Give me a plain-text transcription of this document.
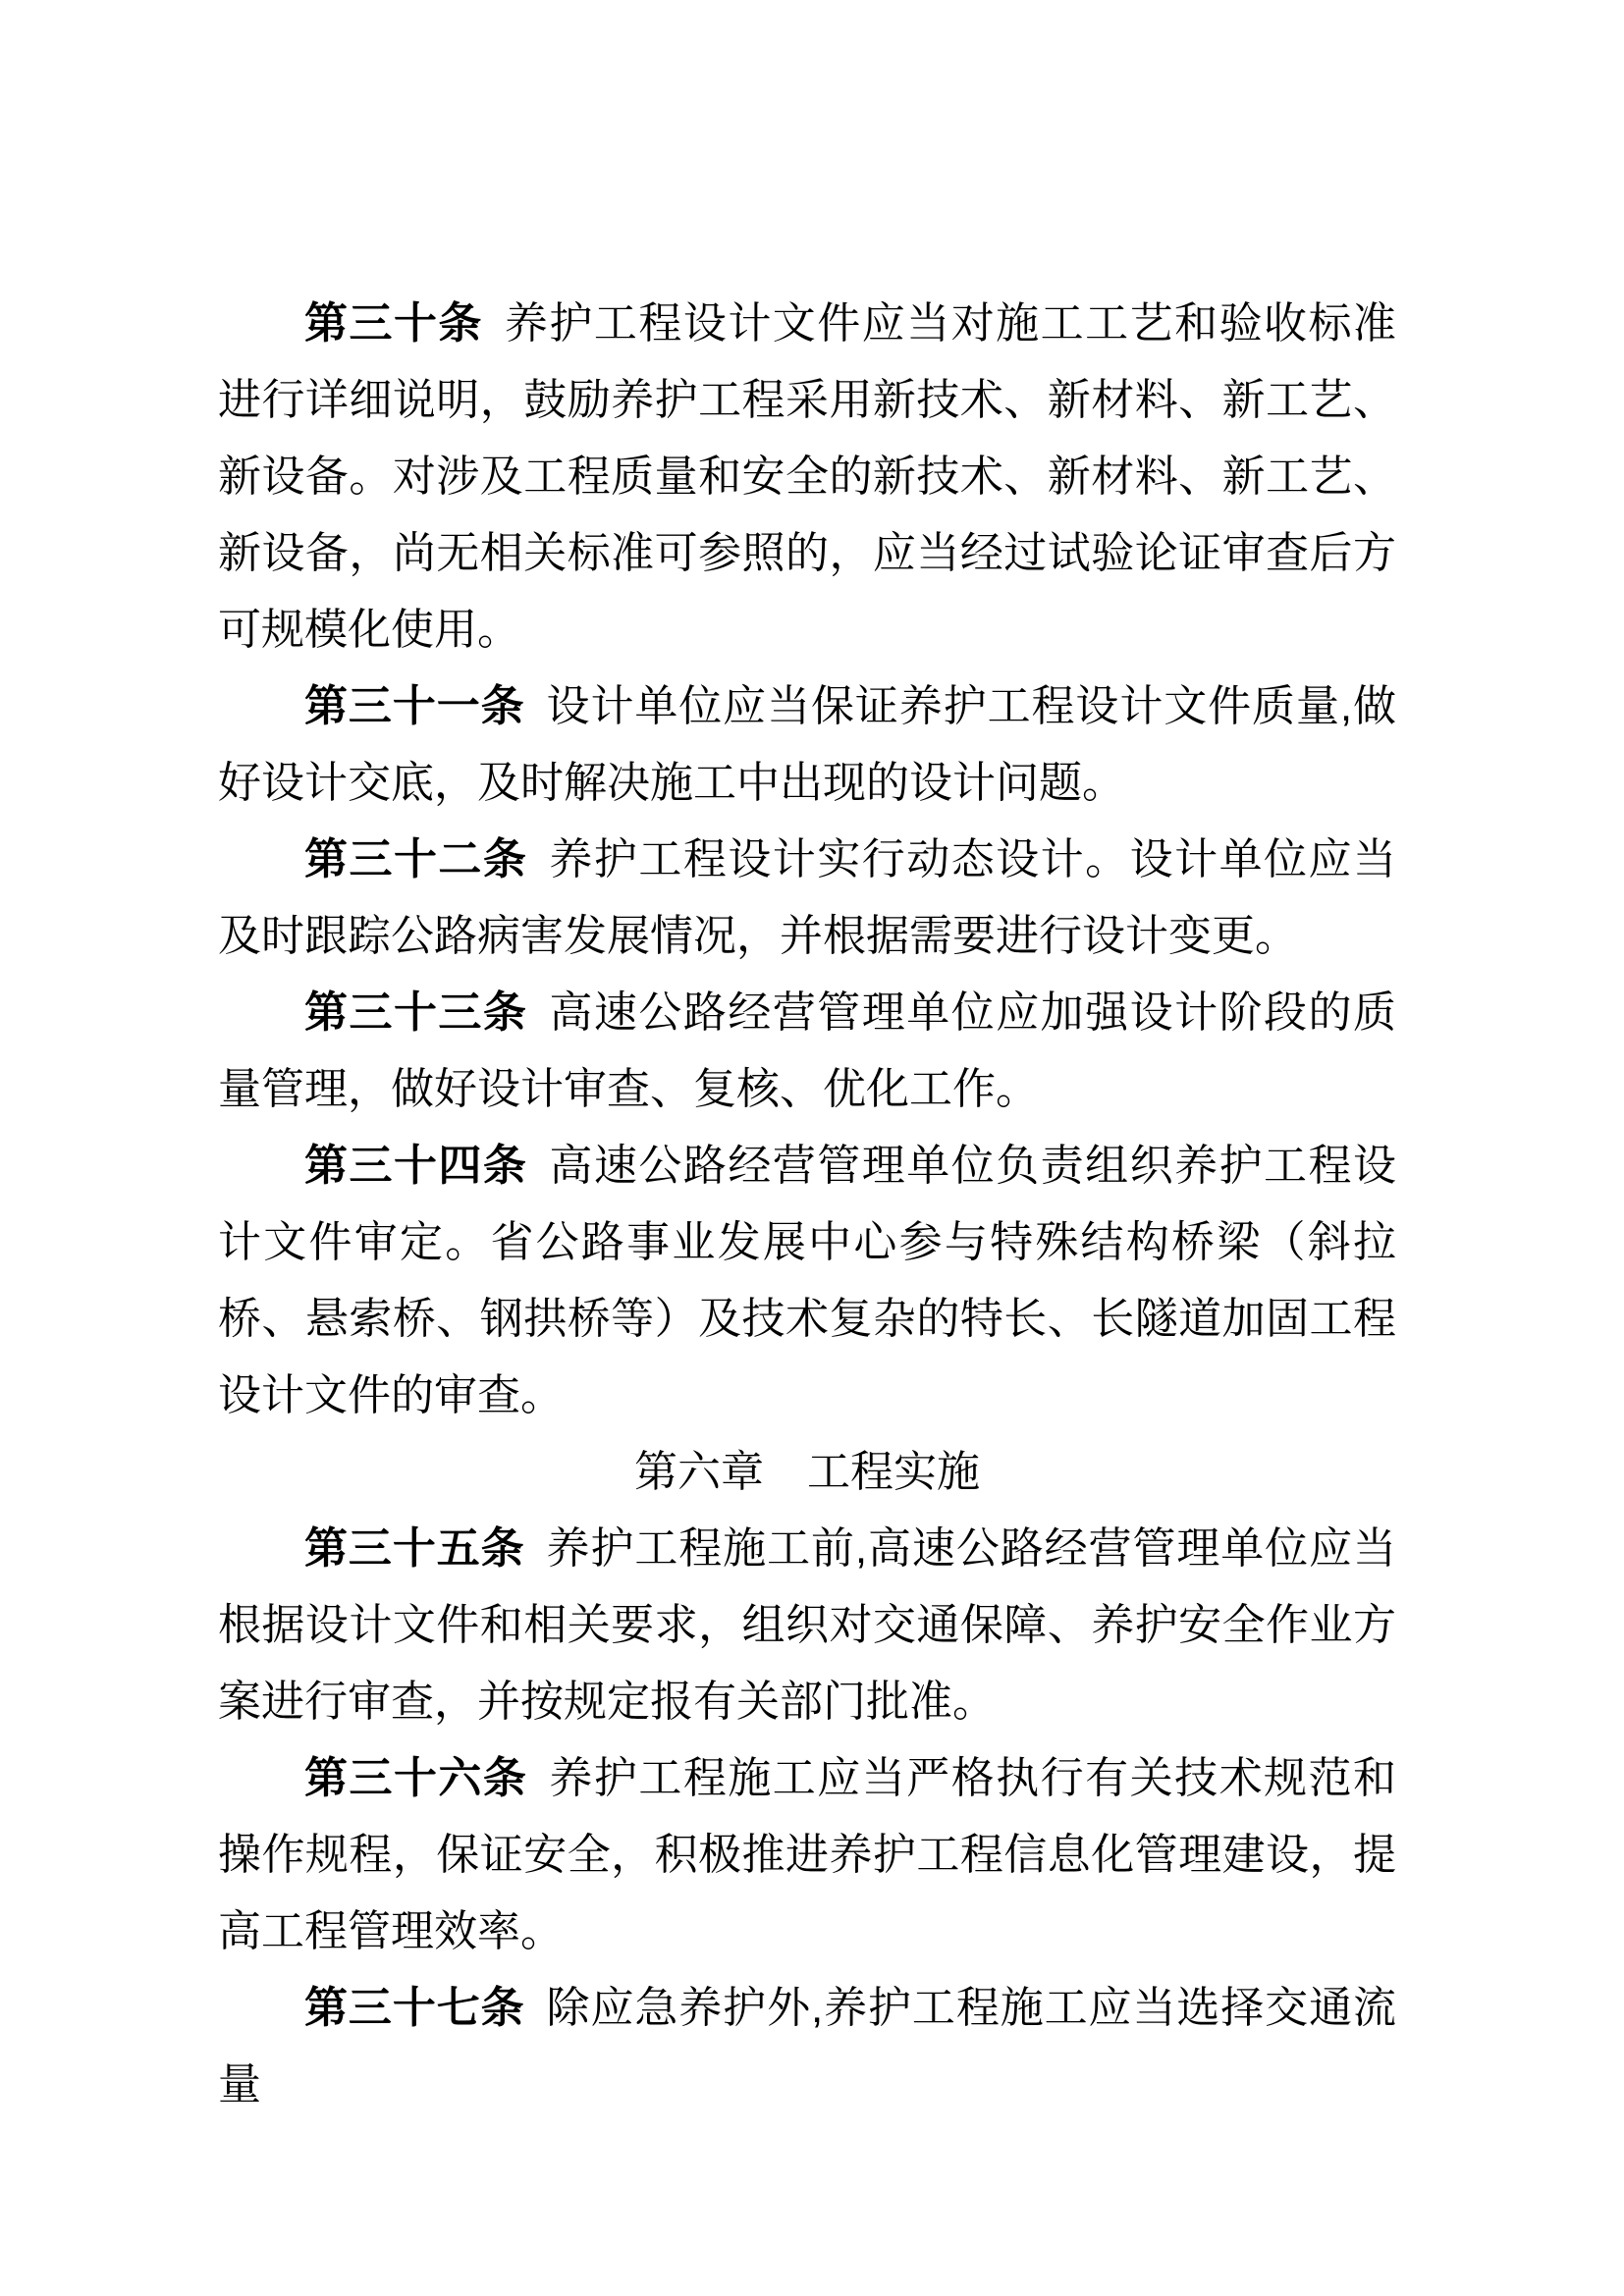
第三十条 养护工程设计文件应当对施工工艺和验收标准进行详细说明，鼓励养护工程采用新技术、新材料、新工艺、新设备。对涉及工程质量和安全的新技术、新材料、新工艺、新设备，尚无相关标准可参照的，应当经过试验论证审查后方可规模化使用。

第三十一条 设计单位应当保证养护工程设计文件质量,做好设计交底，及时解决施工中出现的设计问题。

第三十二条 养护工程设计实行动态设计。设计单位应当及时跟踪公路病害发展情况，并根据需要进行设计变更。

第三十三条 高速公路经营管理单位应加强设计阶段的质量管理，做好设计审查、复核、优化工作。

第三十四条 高速公路经营管理单位负责组织养护工程设计文件审定。省公路事业发展中心参与特殊结构桥梁（斜拉桥、悬索桥、钢拱桥等）及技术复杂的特长、长隧道加固工程设计文件的审查。

第六章　工程实施

第三十五条 养护工程施工前,高速公路经营管理单位应当根据设计文件和相关要求，组织对交通保障、养护安全作业方案进行审查，并按规定报有关部门批准。

第三十六条 养护工程施工应当严格执行有关技术规范和操作规程，保证安全，积极推进养护工程信息化管理建设，提高工程管理效率。

第三十七条 除应急养护外,养护工程施工应当选择交通流量
